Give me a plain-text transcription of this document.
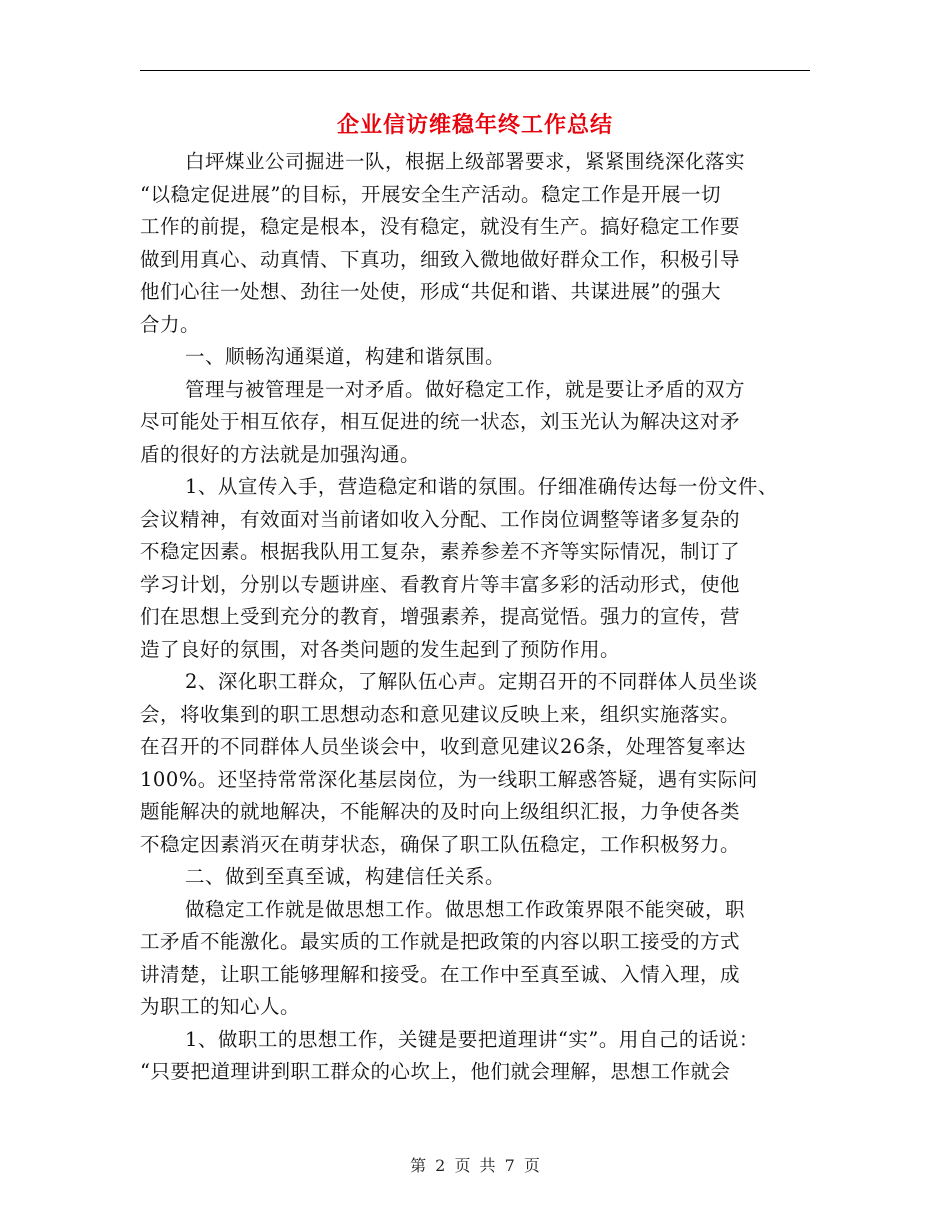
企业信访维稳年终工作总结
白坪煤业公司掘进一队，根据上级部署要求，紧紧围绕深化落实
“以稳定促进展”的目标，开展安全生产活动。稳定工作是开展一切
工作的前提，稳定是根本，没有稳定，就没有生产。搞好稳定工作要
做到用真心、动真情、下真功，细致入微地做好群众工作，积极引导
他们心往一处想、劲往一处使，形成“共促和谐、共谋进展”的强大
合力。
一、顺畅沟通渠道，构建和谐氛围。
管理与被管理是一对矛盾。做好稳定工作，就是要让矛盾的双方
尽可能处于相互依存，相互促进的统一状态，刘玉光认为解决这对矛
盾的很好的方法就是加强沟通。
1、从宣传入手，营造稳定和谐的氛围。仔细准确传达每一份文件、
会议精神，有效面对当前诸如收入分配、工作岗位调整等诸多复杂的
不稳定因素。根据我队用工复杂，素养参差不齐等实际情况，制订了
学习计划，分别以专题讲座、看教育片等丰富多彩的活动形式，使他
们在思想上受到充分的教育，增强素养，提高觉悟。强力的宣传，营
造了良好的氛围，对各类问题的发生起到了预防作用。
2、深化职工群众，了解队伍心声。定期召开的不同群体人员坐谈
会，将收集到的职工思想动态和意见建议反映上来，组织实施落实。
在召开的不同群体人员坐谈会中，收到意见建议26条，处理答复率达
100%。还坚持常常深化基层岗位，为一线职工解惑答疑，遇有实际问
题能解决的就地解决，不能解决的及时向上级组织汇报，力争使各类
不稳定因素消灭在萌芽状态，确保了职工队伍稳定，工作积极努力。
二、做到至真至诚，构建信任关系。
做稳定工作就是做思想工作。做思想工作政策界限不能突破，职
工矛盾不能激化。最实质的工作就是把政策的内容以职工接受的方式
讲清楚，让职工能够理解和接受。在工作中至真至诚、入情入理，成
为职工的知心人。
1、做职工的思想工作，关键是要把道理讲“实”。用自己的话说：
“只要把道理讲到职工群众的心坎上，他们就会理解，思想工作就会
第 2 页 共 7 页
